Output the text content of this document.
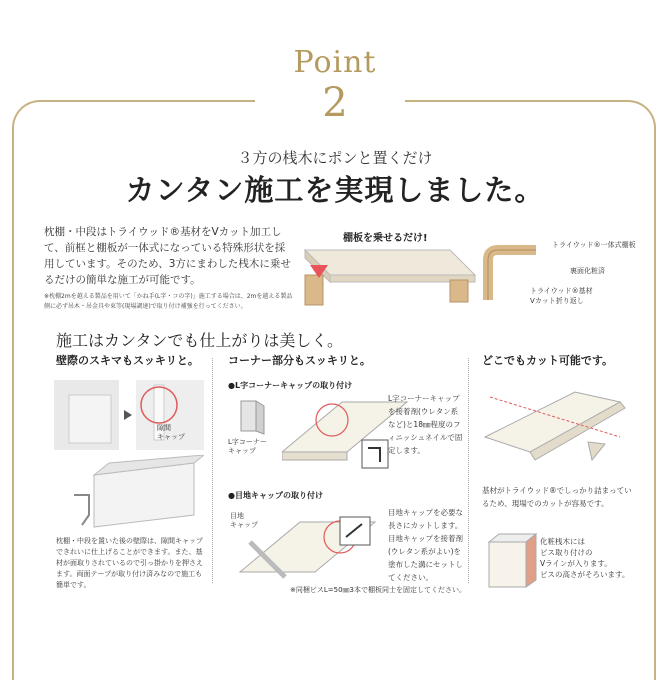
Point
2
３方の桟木にポンと置くだけ
カンタン施工を実現しました。
枕棚・中段はトライウッド®基材をVカット加工して、前框と棚板が一体式になっている特殊形状を採用しています。そのため、3方にまわした桟木に乗せるだけの簡単な施工が可能です。
※枕棚2mを越える製品を用いて「かね手(L字・コの字)」施工する場合は、2mを越える製品側に必ず吊木・吊金具や束等(現場調達)で取り付け補強を行ってください。
棚板を乗せるだけ!
トライウッド®一体式棚板
裏面化粧済
トライウッド®基材
Vカット折り返し
施工はカンタンでも仕上がりは美しく。
壁際のスキマもスッキリと。	コーナー部分もスッキリと。	どこでもカット可能です。
隙間
キャップ
枕棚・中段を置いた後の壁際は、隙間キャップできれいに仕上げることができます。また、基材が面取りされているので引っ掛かりを押さえます。両面テープが取り付け済みなので施工も簡単です。
●L字コーナーキャップの取り付け
L字コーナー
キャップ
L字コーナーキャップを接着剤(ウレタン系など)と18㎜程度のフィニッシュネイルで固定します。
●目地キャップの取り付け
目地
キャップ
目地キャップを必要な長さにカットします。目地キャップを接着剤(ウレタン系がよい)を塗布した溝にセットしてください。
※同梱ビスL=50㎜3本で棚板同士を固定してください。
基材がトライウッド®でしっかり詰まっているため、現場でのカットが容易です。
化粧桟木には
ビス取り付けの
Vラインが入ります。
ビスの高さがそろいます。
